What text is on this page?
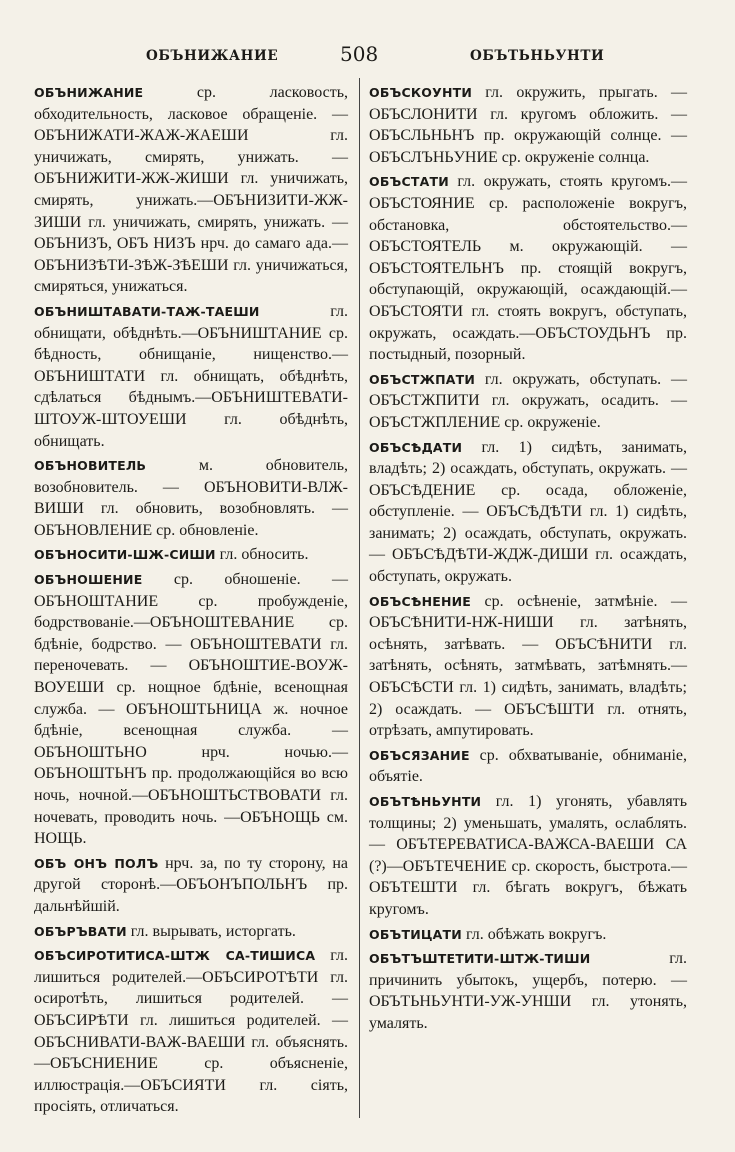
ОБЪНИЖАНИЕ	508	ОБЪТЬНЬУНТИ

ОБЪНИЖАНИЕ ср. ласковость, обходительность, ласковое обращеніе. — ОБЪНИЖАТИ-ЖАЖ-ЖАЕШИ гл. уничижать, смирять, унижать. — ОБЪНИЖИТИ-ЖЖ-ЖИШИ гл. уничижать, смирять, унижать.—ОБЪНИЗИТИ-ЖЖ-ЗИШИ гл. уничижать, смирять, унижать. — ОБЪНИЗЪ, ОБЪ НИЗЪ нрч. до самаго ада.—ОБЪНИЗѢТИ-ЗѢЖ-ЗѢЕШИ гл. уничижаться, смиряться, унижаться.

ОБЪНИШТАВАТИ-ТАЖ-ТАЕШИ гл. обнищати, обѣднѣть.—ОБЪНИШТАНИЕ ср. бѣдность, обнищаніе, нищенство.— ОБЪНИШТАТИ гл. обнищать, обѣднѣть, сдѣлаться бѣднымъ.—ОБЪНИШТЕВАТИ-ШТОУЖ-ШТОУЕШИ гл. обѣднѣть, обнищать.

ОБЪНОВИТЕЛЬ м. обновитель, возобновитель. — ОБЪНОВИТИ-ВЛЖ-ВИШИ гл. обновить, возобновлять. — ОБЪНОВЛЕНИЕ ср. обновленіе.

ОБЪНОСИТИ-ШЖ-СИШИ гл. обносить.

ОБЪНОШЕНИЕ ср. обношеніе. — ОБЪНОШТАНИЕ ср. пробужденіе, бодрствованіе.—ОБЪНОШТЕВАНИЕ ср. бдѣніе, бодрство. — ОБЪНОШТЕВАТИ гл. переночевать. — ОБЪНОШТИЕ-ВОУЖ-ВОУЕШИ ср. нощное бдѣніе, всенощная служба. — ОБЪНОШТЬНИЦА ж. ночное бдѣніе, всенощная служба. — ОБЪНОШТЬНО нрч. ночью.— ОБЪНОШТЬНЪ пр. продолжающійся во всю ночь, ночной.—ОБЪНОШТЬСТВОВАТИ гл. ночевать, проводить ночь. —ОБЪНОЩЬ см. НОЩЬ.

ОБЪ ОНЪ ПОЛЪ нрч. за, по ту сторону, на другой сторонѣ.—ОБЪОНЪПОЛЬНЪ пр. дальнѣйшій.

ОБЪРЪВАТИ гл. вырывать, исторгать.

ОБЪСИРОТИТИСА-ШТЖ СА-ТИШИСА гл. лишиться родителей.—ОБЪСИРОТѢТИ гл. осиротѣть, лишиться родителей. — ОБЪСИРѢТИ гл. лишиться родителей. — ОБЪСНИВАТИ-ВАЖ-ВАЕШИ гл. объяснять.—ОБЪСНИЕНИЕ ср. объясненіе, иллюстрація.—ОБЪСИЯТИ гл. сіять, просіять, отличаться.

ОБЪСКОУНТИ гл. окружить, прыгать. —ОБЪСЛОНИТИ гл. кругомъ обложить. —ОБЪСЛЬНЬНЪ пр. окружающій солнце. — ОБЪСЛЪНЬУНИЕ ср. окруженіе солнца.

ОБЪСТАТИ гл. окружать, стоять кругомъ.—ОБЪСТОЯНИЕ ср. расположеніе вокругъ, обстановка, обстоятельство.—ОБЪСТОЯТЕЛЬ м. окружающій. — ОБЪСТОЯТЕЛЬНЪ пр. стоящій вокругъ, обступающій, окружающій, осаждающій.—ОБЪСТОЯТИ гл. стоять вокругъ, обступать, окружать, осаждать.—ОБЪСТОУДЬНЪ пр. постыдный, позорный.

ОБЪСТЖПАТИ гл. окружать, обступать. —ОБЪСТЖПИТИ гл. окружать, осадить. — ОБЪСТЖПЛЕНИЕ ср. окруженіе.

ОБЪСѢДАТИ гл. 1) сидѣть, занимать, владѣть; 2) осаждать, обступать, окружать. — ОБЪСѢДЕНИЕ ср. осада, обложеніе, обступленіе. — ОБЪСѢДѢТИ гл. 1) сидѣть, занимать; 2) осаждать, обступать, окружать. — ОБЪСѢДѢТИ-ЖДЖ-ДИШИ гл. осаждать, обступать, окружать.

ОБЪСѢНЕНИЕ ср. осѣненіе, затмѣніе. —ОБЪСѢНИТИ-НЖ-НИШИ гл. затѣнять, осѣнять, затѣвать. — ОБЪСѢНИТИ гл. затѣнять, осѣнять, затмѣвать, затѣмнять.—ОБЪСѢСТИ гл. 1) сидѣть, занимать, владѣть; 2) осаждать. — ОБЪСѢШТИ гл. отнять, отрѣзать, ампутировать.

ОБЪСЯЗАНИЕ ср. обхватываніе, обниманіе, объятіе.

ОБЪТѢНЬУНТИ гл. 1) угонять, убавлять толщины; 2) уменьшать, умалять, ослаблять. — ОБЪТЕРЕВАТИСА-ВАЖСА-ВАЕШИ СА (?)—ОБЪТЕЧЕНИЕ ср. скорость, быстрота.—ОБЪТЕШТИ гл. бѣгать вокругъ, бѣжать кругомъ.

ОБЪТИЦАТИ гл. обѣжать вокругъ.

ОБЪТЪШТЕТИТИ-ШТЖ-ТИШИ гл. причинить убытокъ, ущербъ, потерю. — ОБЪТЬНЬУНТИ-УЖ-УНШИ гл. утонять, умалять.
